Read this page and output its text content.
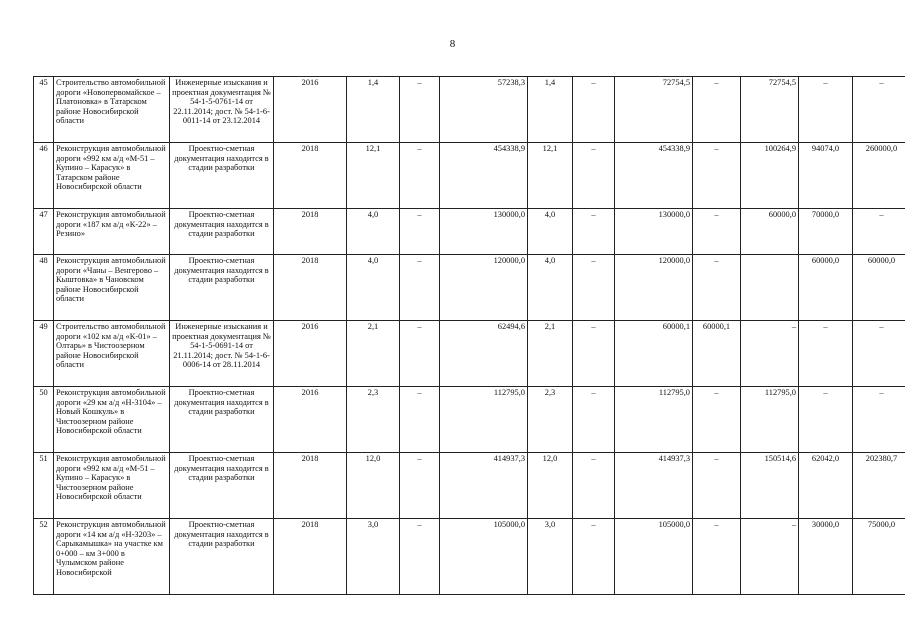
8
45	Строительство автомобильной дороги «Новопервомайское – Платоновка» в Татарском районе Новосибирской области	Инженерные изыскания и проектная документация № 54-1-5-0761-14 от 22.11.2014; дост. № 54-1-6-0011-14 от 23.12.2014	2016	1,4	–	57238,3	1,4	–	72754,5	–	72754,5	–	–
46	Реконструкция автомобильной дороги «992 км а/д «М-51 – Купино – Карасук» в Татарском районе Новосибирской области	Проектно-сметная документация находится в стадии разработки	2018	12,1	–	454338,9	12,1	–	454338,9	–	100264,9	94074,0	260000,0
47	Реконструкция автомобильной дороги «187 км а/д «К-22» – Резино»	Проектно-сметная документация находится в стадии разработки	2018	4,0	–	130000,0	4,0	–	130000,0	–	60000,0	70000,0	–
48	Реконструкция автомобильной дороги «Чаны – Венгерово – Кыштовка» в Чановском районе Новосибирской области	Проектно-сметная документация находится в стадии разработки	2018	4,0	–	120000,0	4,0	–	120000,0	–		60000,0	60000,0
49	Строительство автомобильной дороги «102 км а/д «К-01» – Олтарь» в Чистоозерном районе Новосибирской области	Инженерные изыскания и проектная документация № 54-1-5-0691-14 от 21.11.2014; дост. № 54-1-6-0006-14 от 28.11.2014	2016	2,1	–	62494,6	2,1	–	60000,1	60000,1	–	–	–
50	Реконструкция автомобильной дороги «29 км а/д «Н-3104» – Новый Кошкуль» в Чистоозерном районе Новосибирской области	Проектно-сметная документация находится в стадии разработки	2016	2,3	–	112795,0	2,3	–	112795,0	–	112795,0	–	–
51	Реконструкция автомобильной дороги «992 км а/д «М-51 – Купино – Карасук» в Чистоозерном районе Новосибирской области	Проектно-сметная документация находится в стадии разработки	2018	12,0	–	414937,3	12,0	–	414937,3	–	150514,6	62042,0	202380,7
52	Реконструкция автомобильной дороги «14 км а/д «Н-3203» – Сарыкамышка» на участке км 0+000 – км 3+000 в Чулымском районе Новосибирской	Проектно-сметная документация находится в стадии разработки	2018	3,0	–	105000,0	3,0	–	105000,0	–	–	30000,0	75000,0
